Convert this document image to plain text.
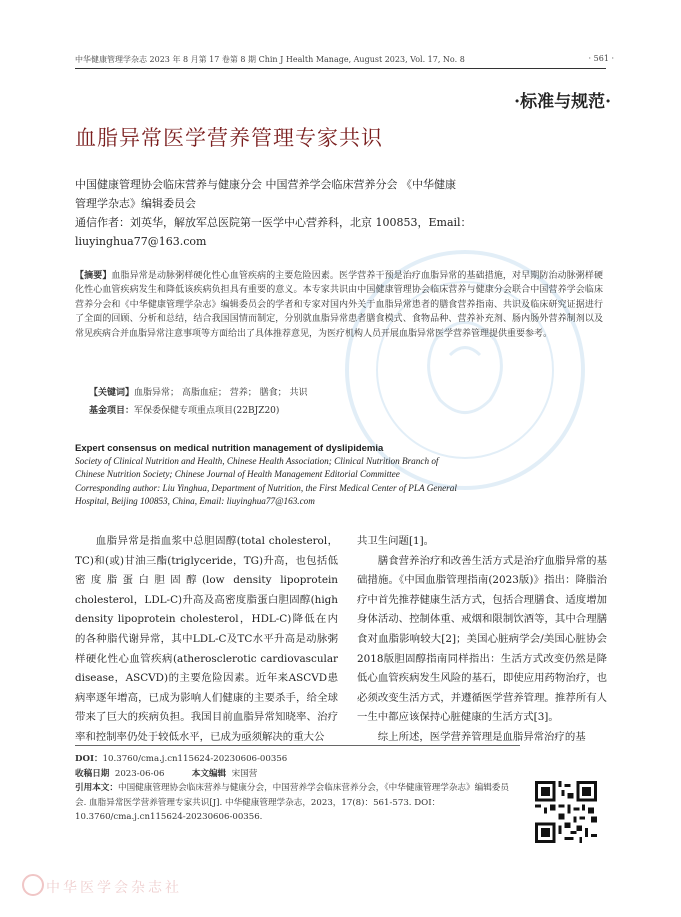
中华健康管理学杂志 2023 年 8 月第 17 卷第 8 期 Chin J Health Manage, August 2023, Vol. 17, No. 8	· 561 ·
·标准与规范·
血脂异常医学营养管理专家共识
中国健康管理协会临床营养与健康分会 中国营养学会临床营养分会 《中华健康
管理学杂志》编辑委员会
通信作者：刘英华，解放军总医院第一医学中心营养科，北京 100853，Email：
liuyinghua77@163.com
【摘要】血脂异常是动脉粥样硬化性心血管疾病的主要危险因素。医学营养干预是治疗血脂异常的基础措施，对早期防治动脉粥样硬化性心血管疾病发生和降低该疾病负担具有重要的意义。本专家共识由中国健康管理协会临床营养与健康分会联合中国营养学会临床营养分会和《中华健康管理学杂志》编辑委员会的学者和专家对国内外关于血脂异常患者的膳食营养指南、共识及临床研究证据进行了全面的回顾、分析和总结，结合我国国情而制定，分别就血脂异常患者膳食模式、食物品种、营养补充剂、肠内肠外营养制剂以及常见疾病合并血脂异常注意事项等方面给出了具体推荐意见，为医疗机构人员开展血脂异常医学营养管理提供重要参考。
【关键词】血脂异常； 高脂血症； 营养； 膳食； 共识
基金项目：军保委保健专项重点项目(22BJZ20)
Expert consensus on medical nutrition management of dyslipidemia
Society of Clinical Nutrition and Health, Chinese Health Association; Clinical Nutrition Branch of
Chinese Nutrition Society; Chinese Journal of Health Management Editorial Committee
Corresponding author: Liu Yinghua, Department of Nutrition, the First Medical Center of PLA General
Hospital, Beijing 100853, China, Email: liuyinghua77@163.com

血脂异常是指血浆中总胆固醇(total cholesterol，TC)和(或)甘油三酯(triglyceride，TG)升高，也包括低密度脂蛋白胆固醇(low density lipoprotein cholesterol，LDL-C)升高及高密度脂蛋白胆固醇(high density lipoprotein cholesterol，HDL-C)降低在内的各种脂代谢异常，其中LDL-C及TC水平升高是动脉粥样硬化性心血管疾病(atherosclerotic cardiovascular disease，ASCVD)的主要危险因素。近年来ASCVD患病率逐年增高，已成为影响人们健康的主要杀手，给全球带来了巨大的疾病负担。我国目前血脂异常知晓率、治疗率和控制率仍处于较低水平，已成为亟须解决的重大公

共卫生问题[1]。

膳食营养治疗和改善生活方式是治疗血脂异常的基础措施。《中国血脂管理指南(2023版)》指出：降脂治疗中首先推荐健康生活方式，包括合理膳食、适度增加身体活动、控制体重、戒烟和限制饮酒等，其中合理膳食对血脂影响较大[2]；美国心脏病学会/美国心脏协会2018版胆固醇指南同样指出：生活方式改变仍然是降低心血管疾病发生风险的基石，即使应用药物治疗，也必须改变生活方式，并遵循医学营养管理。推荐所有人一生中都应该保持心脏健康的生活方式[3]。

综上所述，医学营养管理是血脂异常治疗的基

DOI：10.3760/cma.j.cn115624-20230606-00356
收稿日期 2023-06-06	本文编辑 宋国营
引用本文：中国健康管理协会临床营养与健康分会，中国营养学会临床营养分会，《中华健康管理学杂志》编辑委员会. 血脂异常医学营养管理专家共识[J]. 中华健康管理学杂志，2023，17(8)：561-573. DOI：10.3760/cma.j.cn115624-20230606-00356.
中华医学会杂志社
